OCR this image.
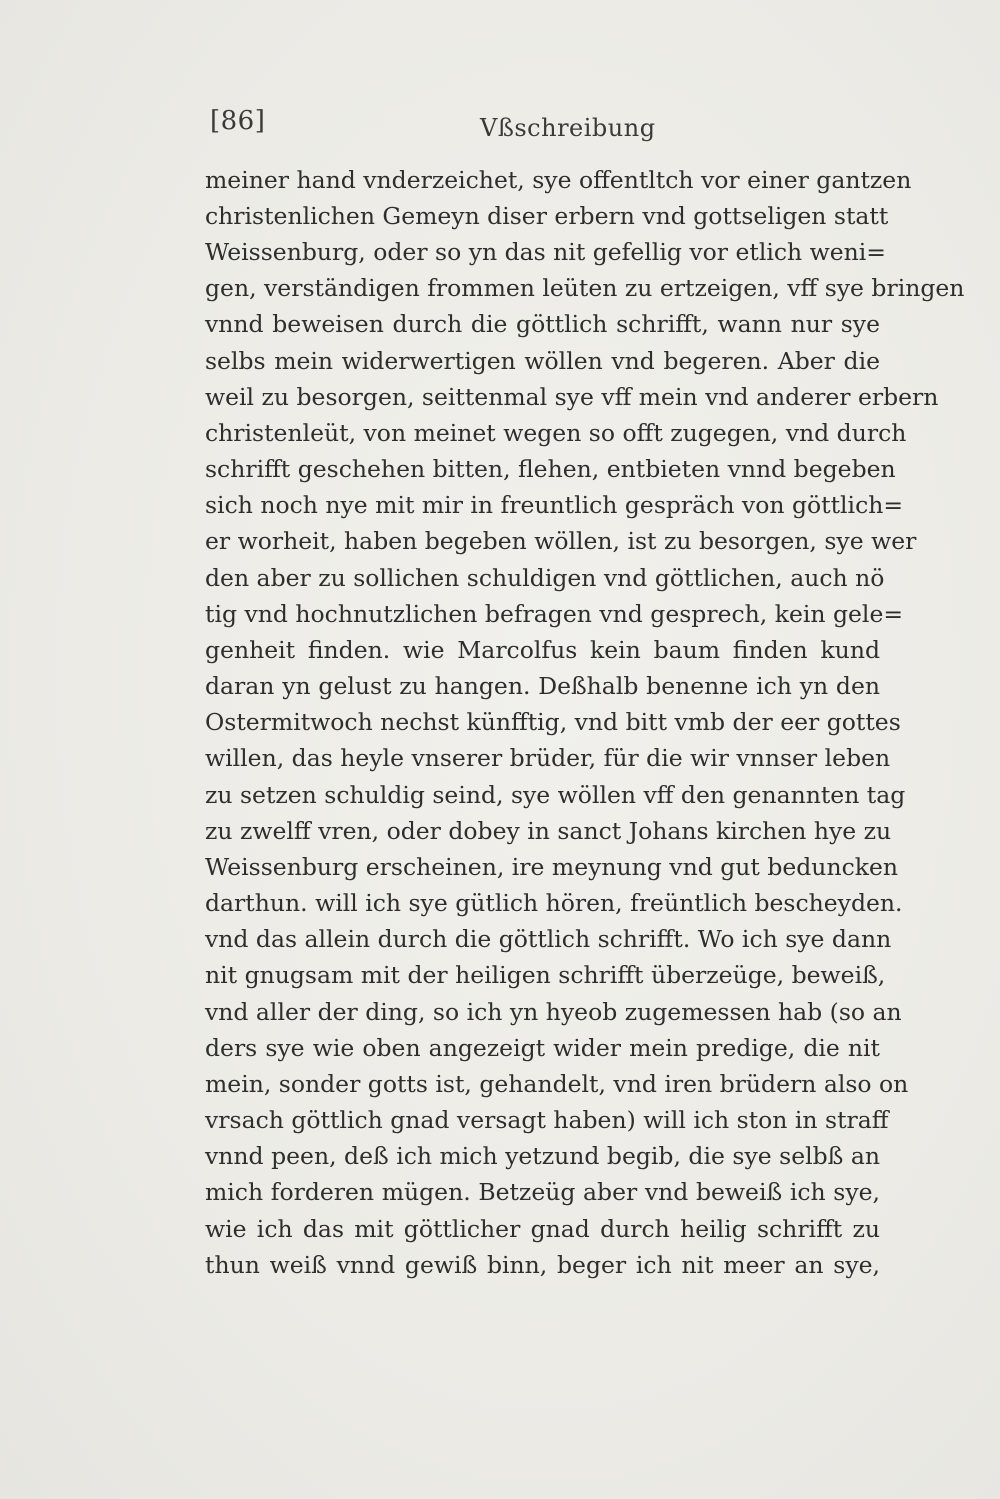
[86]	Vßschreibung
meiner hand vnderzeichet, sye offentltch vor einer gantzen
christenlichen Gemeyn diser erbern vnd gottseligen statt
Weissenburg, oder so yn das nit gefellig vor etlich weni=
gen, verständigen frommen leüten zu ertzeigen, vff sye bringen
vnnd beweisen durch die göttlich schrifft, wann nur sye
selbs mein widerwertigen wöllen vnd begeren. Aber die
weil zu besorgen, seittenmal sye vff mein vnd anderer erbern
christenleüt, von meinet wegen so offt zugegen, vnd durch
schrifft geschehen bitten, flehen, entbieten vnnd begeben
sich noch nye mit mir in freuntlich gespräch von göttlich=
er worheit, haben begeben wöllen, ist zu besorgen, sye wer
den aber zu sollichen schuldigen vnd göttlichen, auch nö
tig vnd hochnutzlichen befragen vnd gesprech, kein gele=
genheit finden. wie Marcolfus kein baum finden kund
daran yn gelust zu hangen. Deßhalb benenne ich yn den
Ostermitwoch nechst künfftig, vnd bitt vmb der eer gottes
willen, das heyle vnserer brüder, für die wir vnnser leben
zu setzen schuldig seind, sye wöllen vff den genannten tag
zu zwelff vren, oder dobey in sanct Johans kirchen hye zu
Weissenburg erscheinen, ire meynung vnd gut beduncken
darthun. will ich sye gütlich hören, freüntlich bescheyden.
vnd das allein durch die göttlich schrifft. Wo ich sye dann
nit gnugsam mit der heiligen schrifft überzeüge, beweiß,
vnd aller der ding, so ich yn hyeob zugemessen hab (so an
ders sye wie oben angezeigt wider mein predige, die nit
mein, sonder gotts ist, gehandelt, vnd iren brüdern also on
vrsach göttlich gnad versagt haben) will ich ston in straff
vnnd peen, deß ich mich yetzund begib, die sye selbß an
mich forderen mügen. Betzeüg aber vnd beweiß ich sye,
wie ich das mit göttlicher gnad durch heilig schrifft zu
thun weiß vnnd gewiß binn, beger ich nit meer an sye,
